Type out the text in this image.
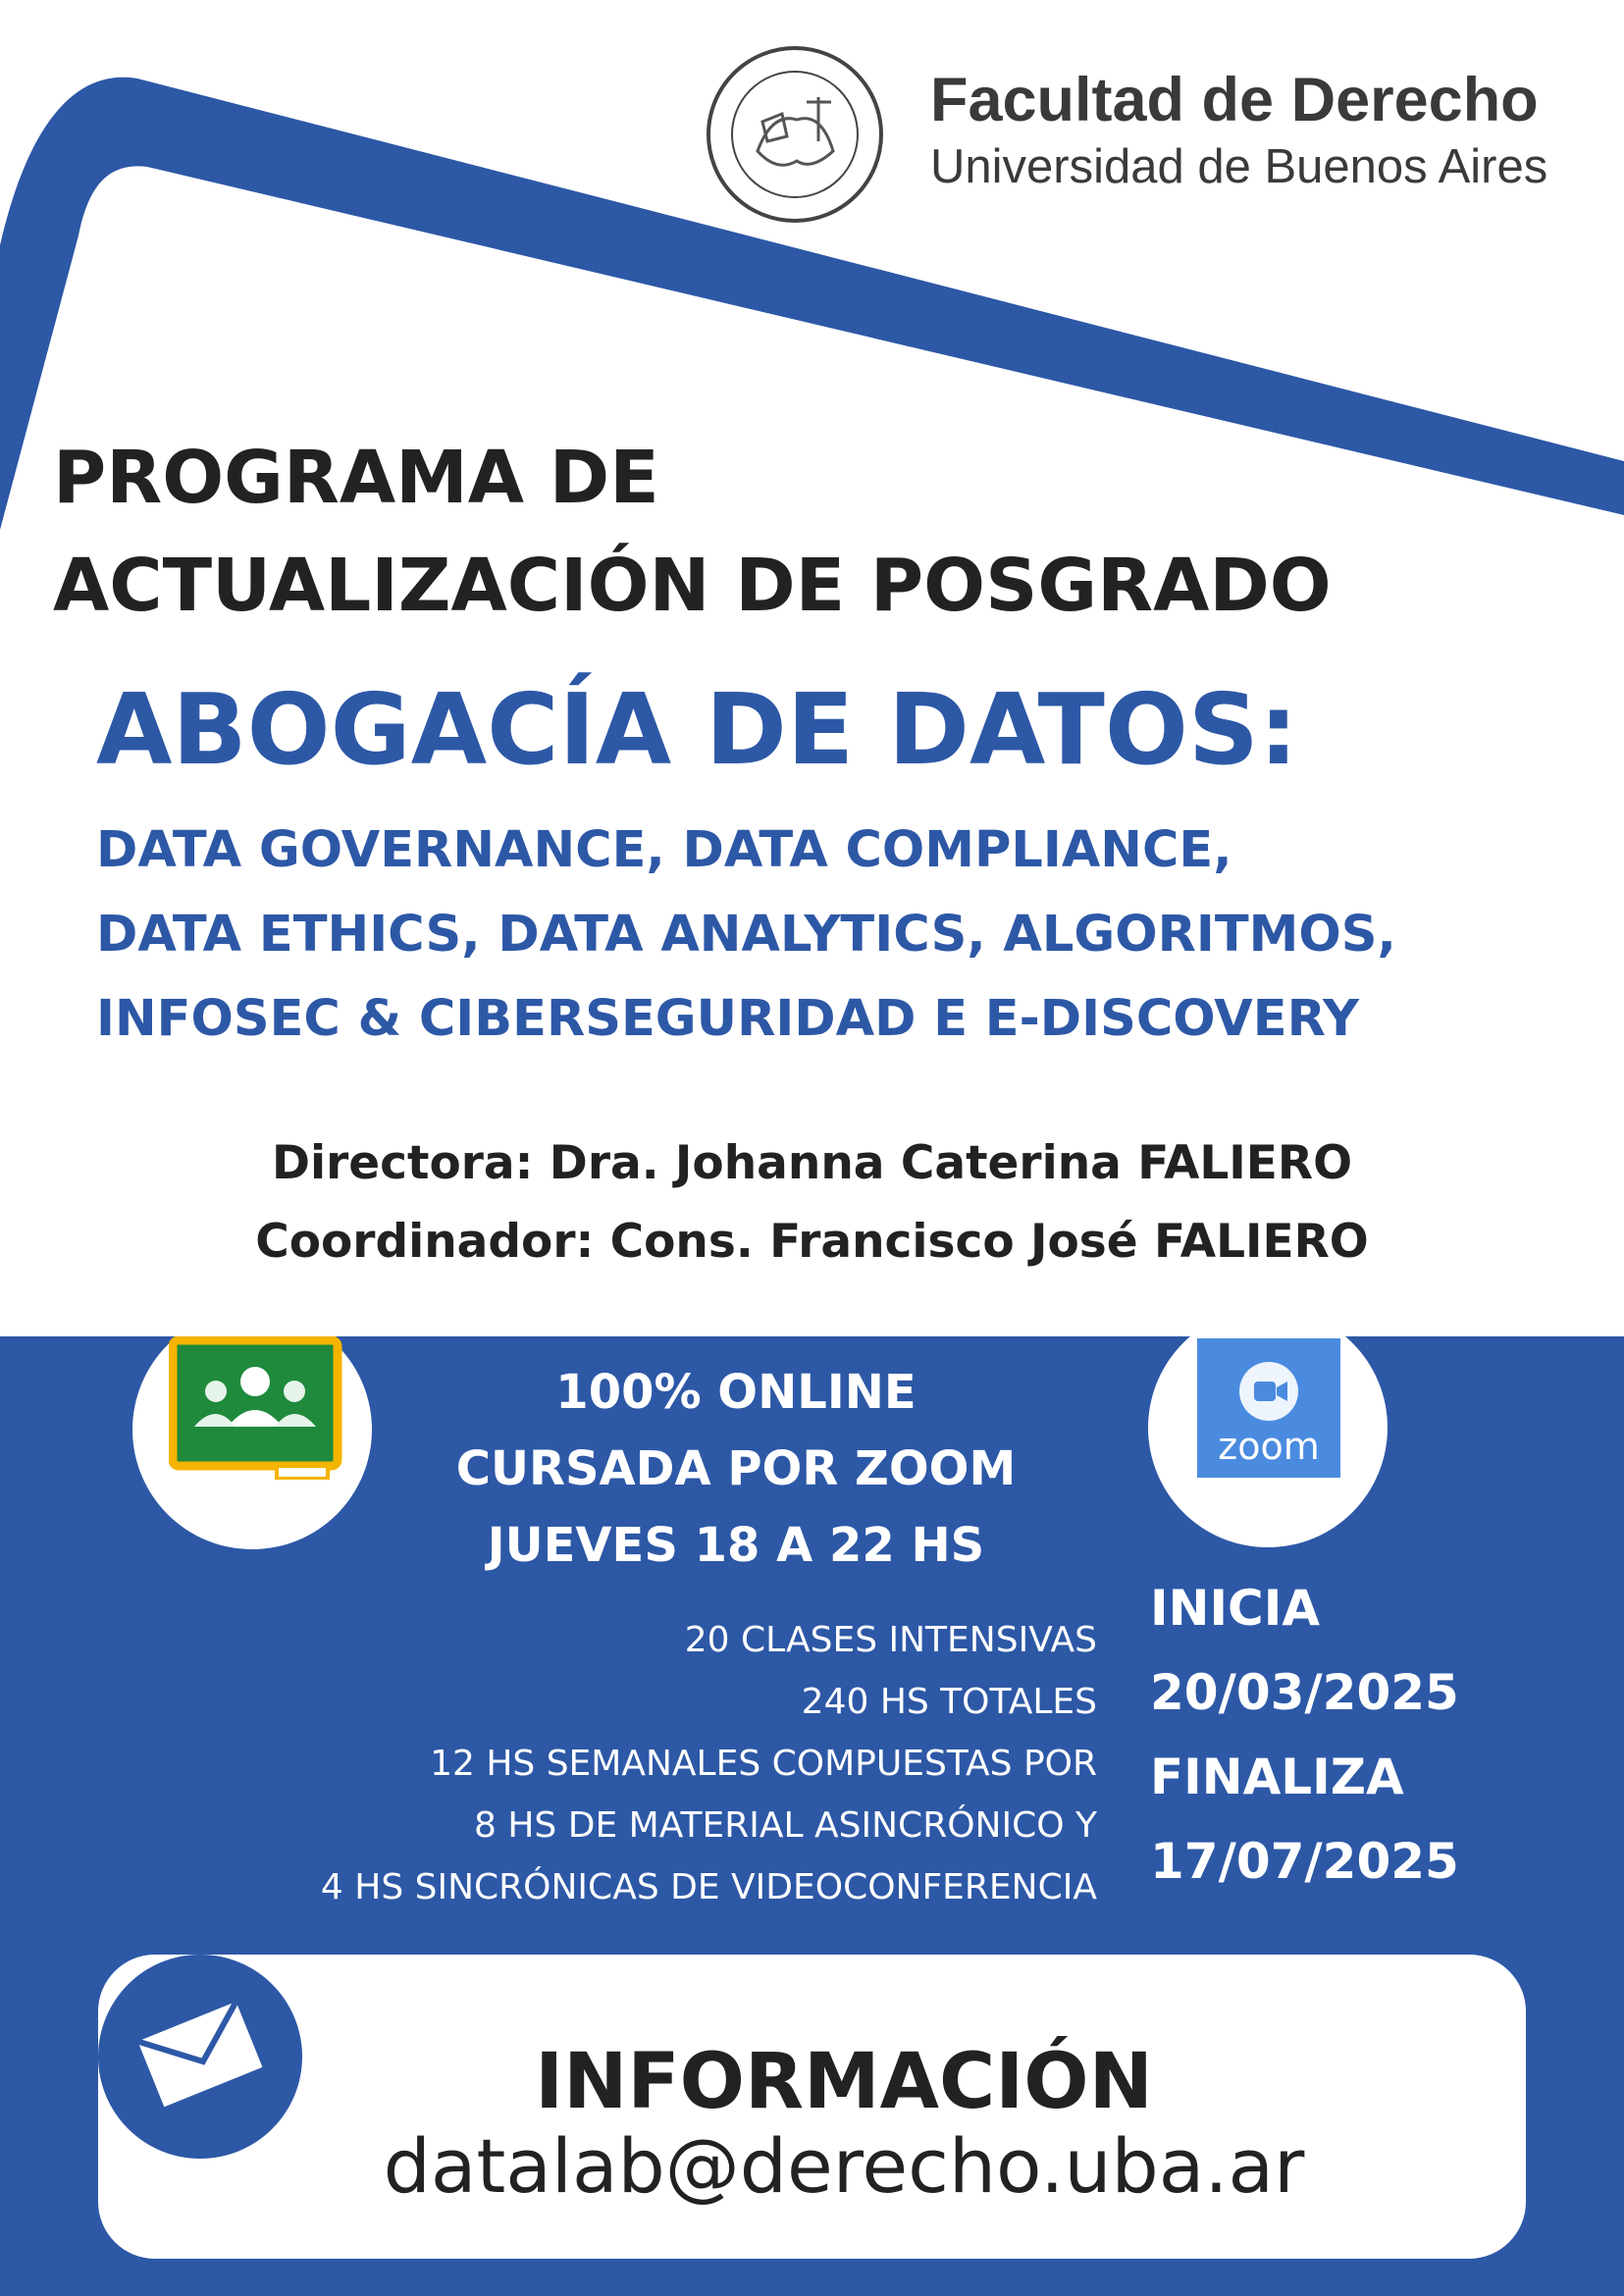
Facultad de Derecho
Universidad de Buenos Aires
PROGRAMA DE
ACTUALIZACIÓN DE POSGRADO
ABOGACÍA DE DATOS:
DATA GOVERNANCE, DATA COMPLIANCE,
DATA ETHICS, DATA ANALYTICS, ALGORITMOS,
INFOSEC & CIBERSEGURIDAD E E-DISCOVERY
Directora: Dra. Johanna Caterina FALIERO
Coordinador: Cons. Francisco José FALIERO
100% ONLINE
CURSADA POR ZOOM
JUEVES 18 A 22 HS
zoom
20 CLASES INTENSIVAS
240 HS TOTALES
12 HS SEMANALES COMPUESTAS POR
8 HS DE MATERIAL ASINCRÓNICO Y
4 HS SINCRÓNICAS DE VIDEOCONFERENCIA
INICIA
20/03/2025
FINALIZA
17/07/2025
INFORMACIÓN
datalab@derecho.uba.ar
